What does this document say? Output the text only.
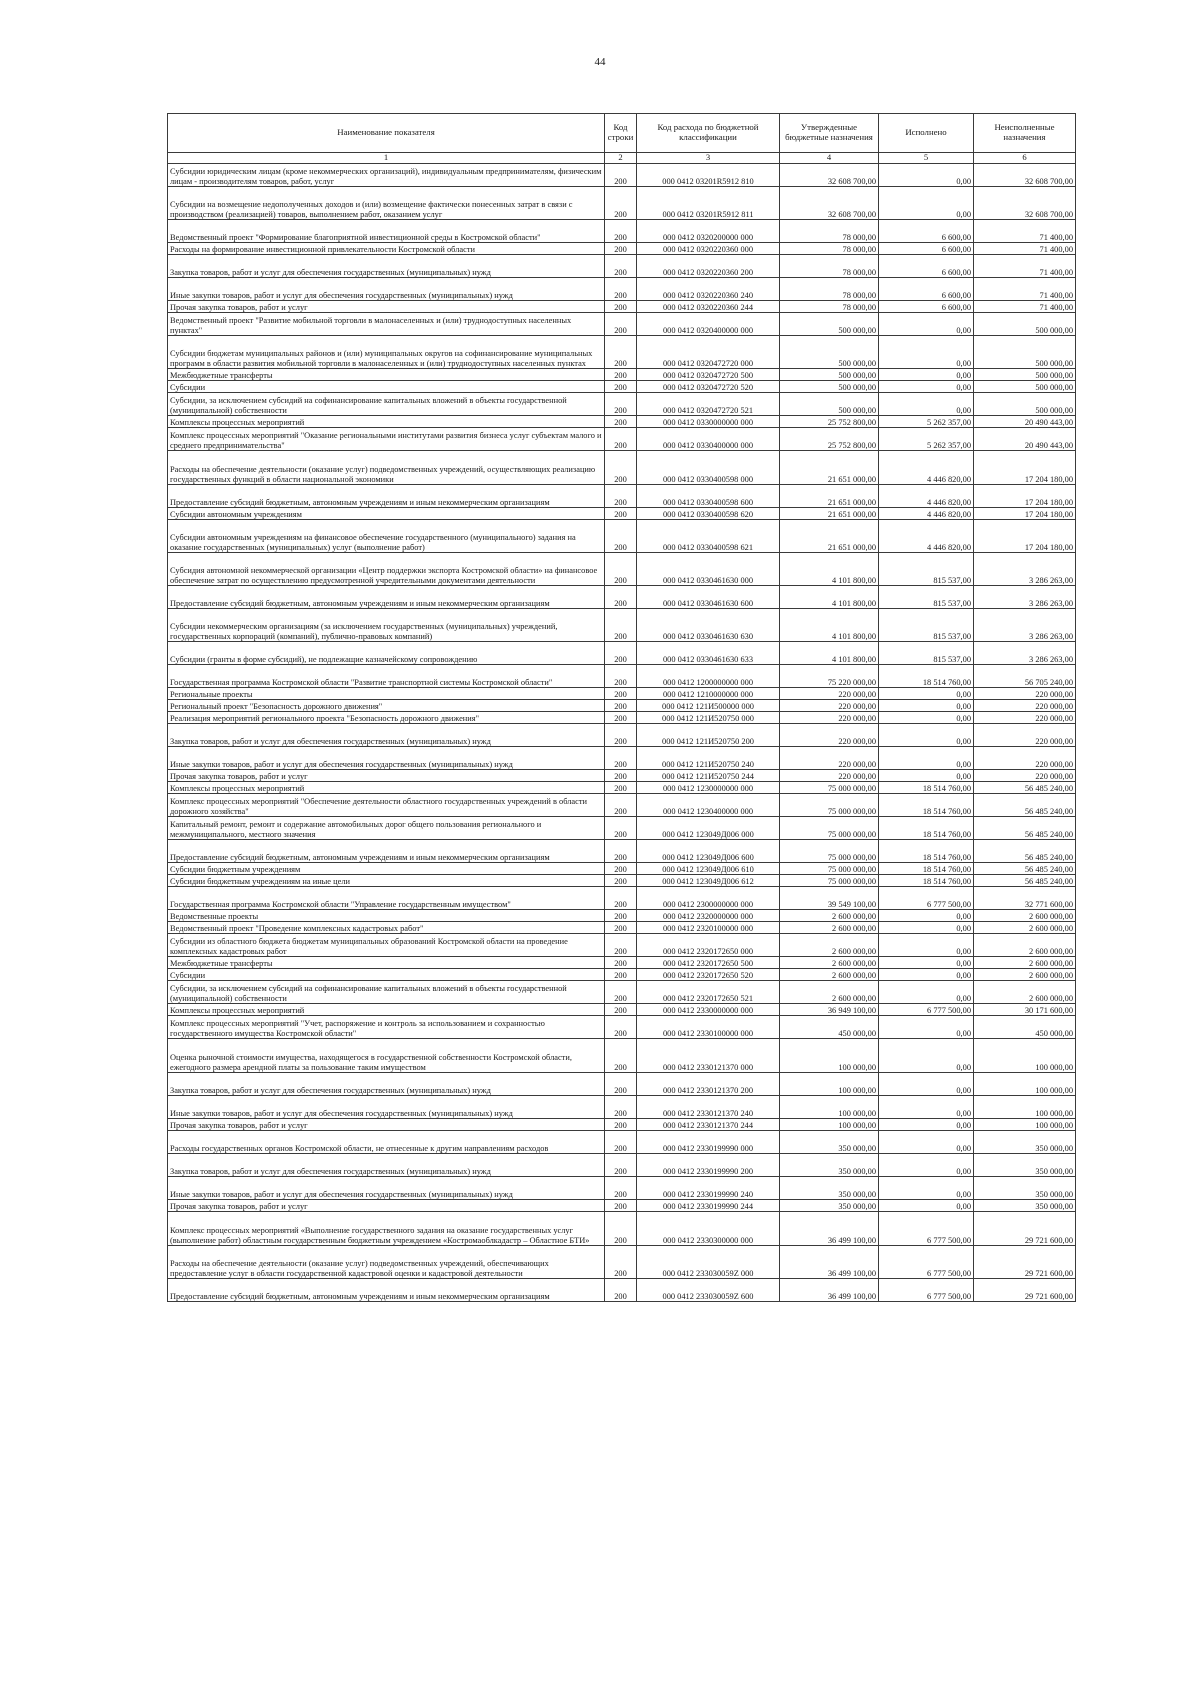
44
Наименование показателя	Код строки	Код расхода по бюджетной классификации	Утвержденные бюджетные назначения	Исполнено	Неисполненные назначения
1	2	3	4	5	6
Субсидии юридическим лицам (кроме некоммерческих организаций), индивидуальным предпринимателям, физическим лицам - производителям товаров, работ, услуг	200	000 0412 03201R5912 810	32 608 700,00	0,00	32 608 700,00
Субсидии на возмещение недополученных доходов и (или) возмещение фактически понесенных затрат в связи с производством (реализацией) товаров, выполнением работ, оказанием услуг	200	000 0412 03201R5912 811	32 608 700,00	0,00	32 608 700,00
Ведомственный проект "Формирование благоприятной инвестиционной среды в Костромской области"	200	000 0412 0320200000 000	78 000,00	6 600,00	71 400,00
Расходы на формирование инвестиционной привлекательности Костромской области	200	000 0412 0320220360 000	78 000,00	6 600,00	71 400,00
Закупка товаров, работ и услуг для обеспечения государственных (муниципальных) нужд	200	000 0412 0320220360 200	78 000,00	6 600,00	71 400,00
Иные закупки товаров, работ и услуг для обеспечения государственных (муниципальных) нужд	200	000 0412 0320220360 240	78 000,00	6 600,00	71 400,00
Прочая закупка товаров, работ и услуг	200	000 0412 0320220360 244	78 000,00	6 600,00	71 400,00
Ведомственный проект "Развитие мобильной торговли в малонаселенных и (или) труднодоступных населенных пунктах"	200	000 0412 0320400000 000	500 000,00	0,00	500 000,00
Субсидии бюджетам муниципальных районов и (или) муниципальных округов на софинансирование муниципальных программ в области развития мобильной торговли в малонаселенных и (или) труднодоступных населенных пунктах	200	000 0412 0320472720 000	500 000,00	0,00	500 000,00
Межбюджетные трансферты	200	000 0412 0320472720 500	500 000,00	0,00	500 000,00
Субсидии	200	000 0412 0320472720 520	500 000,00	0,00	500 000,00
Субсидии, за исключением субсидий на софинансирование капитальных вложений в объекты государственной (муниципальной) собственности	200	000 0412 0320472720 521	500 000,00	0,00	500 000,00
Комплексы процессных мероприятий	200	000 0412 0330000000 000	25 752 800,00	5 262 357,00	20 490 443,00
Комплекс процессных мероприятий "Оказание региональными институтами развития бизнеса услуг субъектам малого и среднего предпринимательства"	200	000 0412 0330400000 000	25 752 800,00	5 262 357,00	20 490 443,00
Расходы на обеспечение деятельности (оказание услуг) подведомственных учреждений, осуществляющих реализацию государственных функций в области национальной экономики	200	000 0412 0330400598 000	21 651 000,00	4 446 820,00	17 204 180,00
Предоставление субсидий бюджетным, автономным учреждениям и иным некоммерческим организациям	200	000 0412 0330400598 600	21 651 000,00	4 446 820,00	17 204 180,00
Субсидии автономным учреждениям	200	000 0412 0330400598 620	21 651 000,00	4 446 820,00	17 204 180,00
Субсидии автономным учреждениям на финансовое обеспечение государственного (муниципального) задания на оказание государственных (муниципальных) услуг (выполнение работ)	200	000 0412 0330400598 621	21 651 000,00	4 446 820,00	17 204 180,00
Субсидия автономной некоммерческой организации «Центр поддержки экспорта Костромской области» на финансовое обеспечение затрат по осуществлению предусмотренной учредительными документами деятельности	200	000 0412 0330461630 000	4 101 800,00	815 537,00	3 286 263,00
Предоставление субсидий бюджетным, автономным учреждениям и иным некоммерческим организациям	200	000 0412 0330461630 600	4 101 800,00	815 537,00	3 286 263,00
Субсидии некоммерческим организациям (за исключением государственных (муниципальных) учреждений, государственных корпораций (компаний), публично-правовых компаний)	200	000 0412 0330461630 630	4 101 800,00	815 537,00	3 286 263,00
Субсидии (гранты в форме субсидий), не подлежащие казначейскому сопровождению	200	000 0412 0330461630 633	4 101 800,00	815 537,00	3 286 263,00
Государственная программа Костромской области "Развитие транспортной системы Костромской области"	200	000 0412 1200000000 000	75 220 000,00	18 514 760,00	56 705 240,00
Региональные проекты	200	000 0412 1210000000 000	220 000,00	0,00	220 000,00
Региональный проект "Безопасность дорожного движения"	200	000 0412 121И500000 000	220 000,00	0,00	220 000,00
Реализация мероприятий регионального проекта "Безопасность дорожного движения"	200	000 0412 121И520750 000	220 000,00	0,00	220 000,00
Закупка товаров, работ и услуг для обеспечения государственных (муниципальных) нужд	200	000 0412 121И520750 200	220 000,00	0,00	220 000,00
Иные закупки товаров, работ и услуг для обеспечения государственных (муниципальных) нужд	200	000 0412 121И520750 240	220 000,00	0,00	220 000,00
Прочая закупка товаров, работ и услуг	200	000 0412 121И520750 244	220 000,00	0,00	220 000,00
Комплексы процессных мероприятий	200	000 0412 1230000000 000	75 000 000,00	18 514 760,00	56 485 240,00
Комплекс процессных мероприятий "Обеспечение деятельности областного государственных учреждений в области дорожного хозяйства"	200	000 0412 1230400000 000	75 000 000,00	18 514 760,00	56 485 240,00
Капитальный ремонт, ремонт и содержание автомобильных дорог общего пользования регионального и межмуниципального, местного значения	200	000 0412 123049Д006 000	75 000 000,00	18 514 760,00	56 485 240,00
Предоставление субсидий бюджетным, автономным учреждениям и иным некоммерческим организациям	200	000 0412 123049Д006 600	75 000 000,00	18 514 760,00	56 485 240,00
Субсидии бюджетным учреждениям	200	000 0412 123049Д006 610	75 000 000,00	18 514 760,00	56 485 240,00
Субсидии бюджетным учреждениям на иные цели	200	000 0412 123049Д006 612	75 000 000,00	18 514 760,00	56 485 240,00
Государственная программа Костромской области "Управление государственным имуществом"	200	000 0412 2300000000 000	39 549 100,00	6 777 500,00	32 771 600,00
Ведомственные проекты	200	000 0412 2320000000 000	2 600 000,00	0,00	2 600 000,00
Ведомственный проект "Проведение комплексных кадастровых работ"	200	000 0412 2320100000 000	2 600 000,00	0,00	2 600 000,00
Субсидии из областного бюджета бюджетам муниципальных образований Костромской области на проведение комплексных кадастровых работ	200	000 0412 2320172650 000	2 600 000,00	0,00	2 600 000,00
Межбюджетные трансферты	200	000 0412 2320172650 500	2 600 000,00	0,00	2 600 000,00
Субсидии	200	000 0412 2320172650 520	2 600 000,00	0,00	2 600 000,00
Субсидии, за исключением субсидий на софинансирование капитальных вложений в объекты государственной (муниципальной) собственности	200	000 0412 2320172650 521	2 600 000,00	0,00	2 600 000,00
Комплексы процессных мероприятий	200	000 0412 2330000000 000	36 949 100,00	6 777 500,00	30 171 600,00
Комплекс процессных мероприятий "Учет, распоряжение и контроль за использованием и сохранностью государственного имущества Костромской области"	200	000 0412 2330100000 000	450 000,00	0,00	450 000,00
Оценка рыночной стоимости имущества, находящегося в государственной собственности Костромской области, ежегодного размера арендной платы за пользование таким имуществом	200	000 0412 2330121370 000	100 000,00	0,00	100 000,00
Закупка товаров, работ и услуг для обеспечения государственных (муниципальных) нужд	200	000 0412 2330121370 200	100 000,00	0,00	100 000,00
Иные закупки товаров, работ и услуг для обеспечения государственных (муниципальных) нужд	200	000 0412 2330121370 240	100 000,00	0,00	100 000,00
Прочая закупка товаров, работ и услуг	200	000 0412 2330121370 244	100 000,00	0,00	100 000,00
Расходы государственных органов Костромской области, не отнесенные к другим направлениям расходов	200	000 0412 2330199990 000	350 000,00	0,00	350 000,00
Закупка товаров, работ и услуг для обеспечения государственных (муниципальных) нужд	200	000 0412 2330199990 200	350 000,00	0,00	350 000,00
Иные закупки товаров, работ и услуг для обеспечения государственных (муниципальных) нужд	200	000 0412 2330199990 240	350 000,00	0,00	350 000,00
Прочая закупка товаров, работ и услуг	200	000 0412 2330199990 244	350 000,00	0,00	350 000,00
Комплекс процессных мероприятий «Выполнение государственного задания на оказание государственных услуг (выполнение работ) областным государственным бюджетным учреждением «Костромаоблкадастр – Областное БТИ»	200	000 0412 2330300000 000	36 499 100,00	6 777 500,00	29 721 600,00
Расходы на обеспечение деятельности (оказание услуг) подведомственных учреждений, обеспечивающих предоставление услуг в области государственной кадастровой оценки и кадастровой деятельности	200	000 0412 233030059Z 000	36 499 100,00	6 777 500,00	29 721 600,00
Предоставление субсидий бюджетным, автономным учреждениям и иным некоммерческим организациям	200	000 0412 233030059Z 600	36 499 100,00	6 777 500,00	29 721 600,00
